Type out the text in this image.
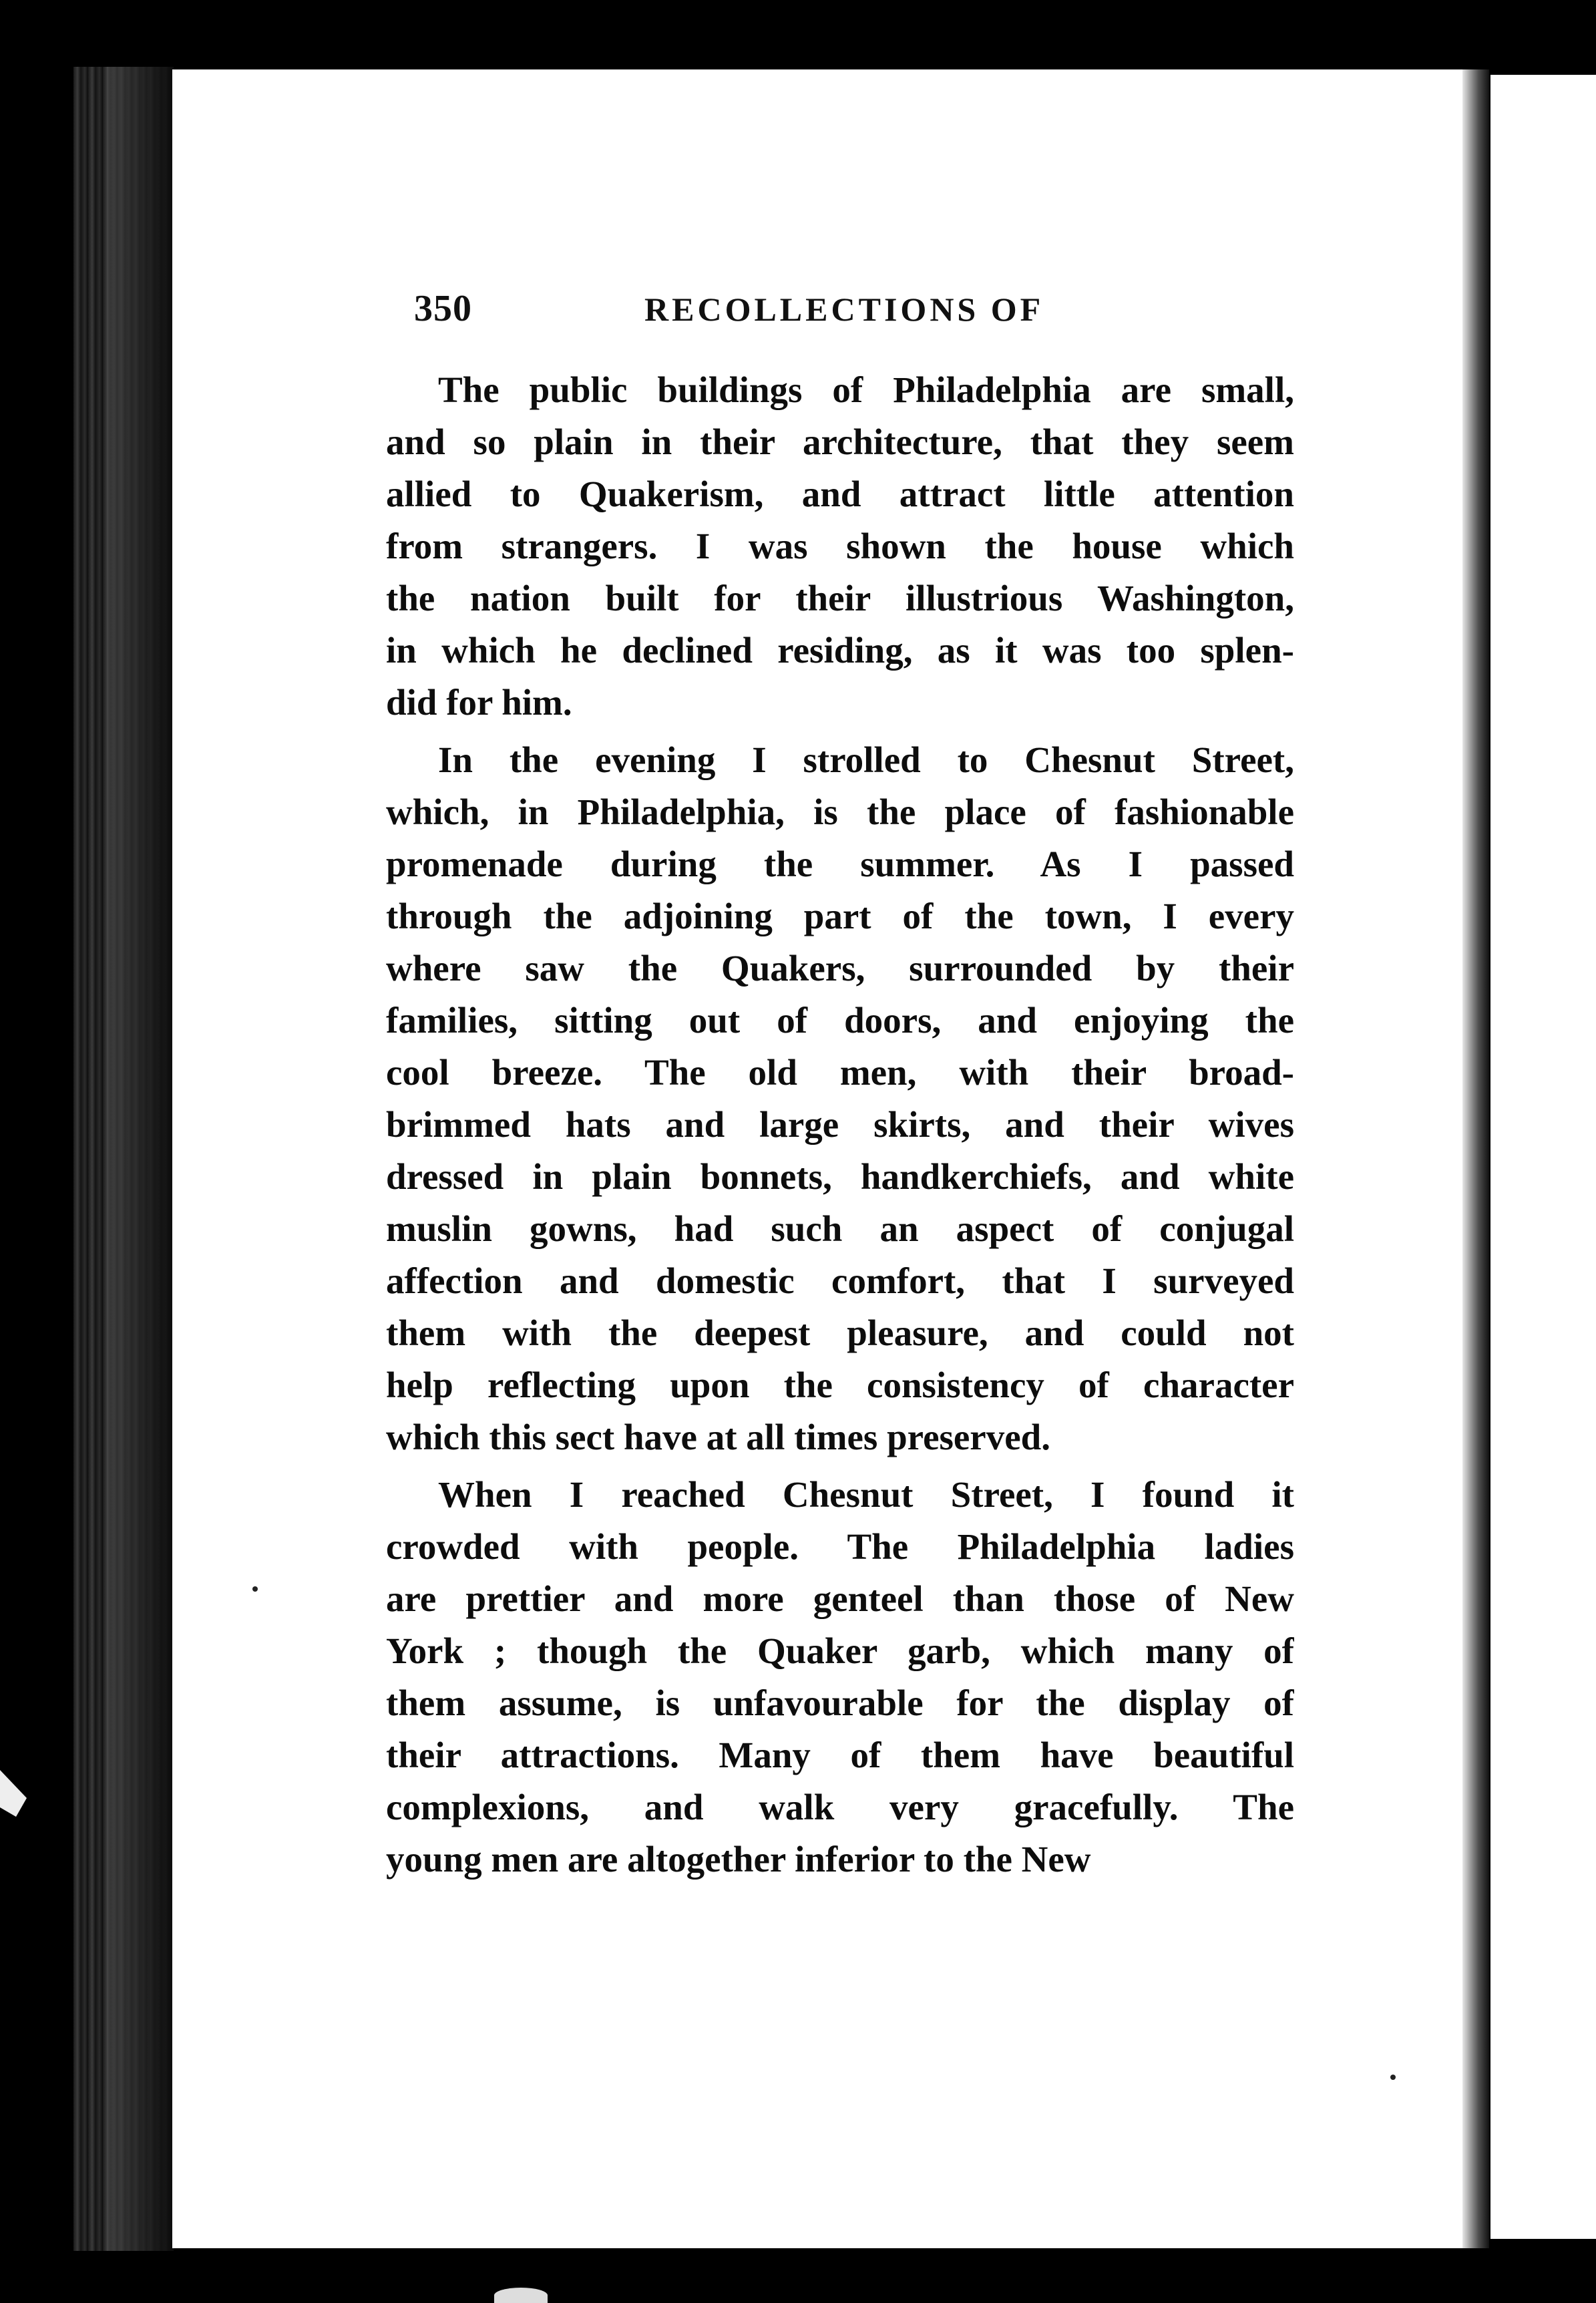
350	RECOLLECTIONS OF
The public buildings of Philadelphia are small,
and so plain in their architecture, that they seem
allied to Quakerism, and attract little attention
from strangers. I was shown the house which
the nation built for their illustrious Washington,
in which he declined residing, as it was too splen-
did for him.
In the evening I strolled to Chesnut Street,
which, in Philadelphia, is the place of fashionable
promenade during the summer. As I passed
through the adjoining part of the town, I every
where saw the Quakers, surrounded by their
families, sitting out of doors, and enjoying the
cool breeze. The old men, with their broad-
brimmed hats and large skirts, and their wives
dressed in plain bonnets, handkerchiefs, and white
muslin gowns, had such an aspect of conjugal
affection and domestic comfort, that I surveyed
them with the deepest pleasure, and could not
help reflecting upon the consistency of character
which this sect have at all times preserved.
When I reached Chesnut Street, I found it
crowded with people. The Philadelphia ladies
are prettier and more genteel than those of New
York ; though the Quaker garb, which many of
them assume, is unfavourable for the display of
their attractions. Many of them have beautiful
complexions, and walk very gracefully. The
young men are altogether inferior to the New
